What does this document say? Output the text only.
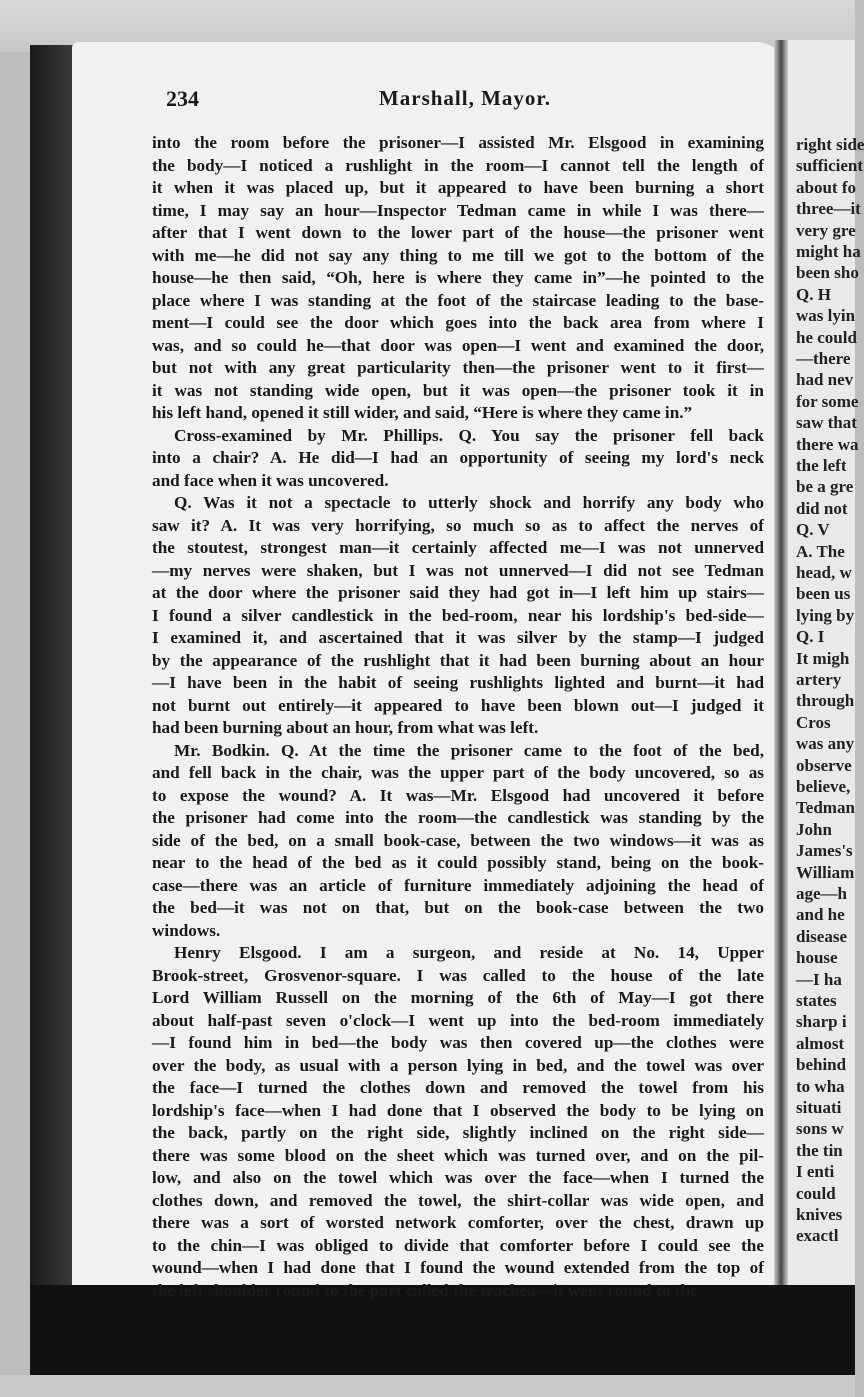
right side
sufficient
about fo
three—it
very gre
might ha
been sho
Q. H
was lyin
he could
—there
had nev
for some
saw that
there wa
the left
be a gre
did not
Q. V
A. The
head, w
been us
lying by
Q. I
It migh
artery
through
Cros
was any
observe
believe,
Tedman
John
James's
William
age—h
and he
disease
house
—I ha
states
sharp i
almost
behind
to wha
situati
sons w
the tin
I enti
could
knives
exactl
234	Marshall, Mayor.
into the room before the prisoner—I assisted Mr. Elsgood in examining
the body—I noticed a rushlight in the room—I cannot tell the length of
it when it was placed up, but it appeared to have been burning a short
time, I may say an hour—Inspector Tedman came in while I was there—
after that I went down to the lower part of the house—the prisoner went
with me—he did not say any thing to me till we got to the bottom of the
house—he then said, “Oh, here is where they came in”—he pointed to the
place where I was standing at the foot of the staircase leading to the base-
ment—I could see the door which goes into the back area from where I
was, and so could he—that door was open—I went and examined the door,
but not with any great particularity then—the prisoner went to it first—
it was not standing wide open, but it was open—the prisoner took it in
his left hand, opened it still wider, and said, “Here is where they came in.”
Cross-examined by Mr. Phillips. Q. You say the prisoner fell back
into a chair? A. He did—I had an opportunity of seeing my lord's neck
and face when it was uncovered.
Q. Was it not a spectacle to utterly shock and horrify any body who
saw it? A. It was very horrifying, so much so as to affect the nerves of
the stoutest, strongest man—it certainly affected me—I was not unnerved
—my nerves were shaken, but I was not unnerved—I did not see Tedman
at the door where the prisoner said they had got in—I left him up stairs—
I found a silver candlestick in the bed-room, near his lordship's bed-side—
I examined it, and ascertained that it was silver by the stamp—I judged
by the appearance of the rushlight that it had been burning about an hour
—I have been in the habit of seeing rushlights lighted and burnt—it had
not burnt out entirely—it appeared to have been blown out—I judged it
had been burning about an hour, from what was left.
Mr. Bodkin. Q. At the time the prisoner came to the foot of the bed,
and fell back in the chair, was the upper part of the body uncovered, so as
to expose the wound? A. It was—Mr. Elsgood had uncovered it before
the prisoner had come into the room—the candlestick was standing by the
side of the bed, on a small book-case, between the two windows—it was as
near to the head of the bed as it could possibly stand, being on the book-
case—there was an article of furniture immediately adjoining the head of
the bed—it was not on that, but on the book-case between the two
windows.
Henry Elsgood. I am a surgeon, and reside at No. 14, Upper
Brook-street, Grosvenor-square. I was called to the house of the late
Lord William Russell on the morning of the 6th of May—I got there
about half-past seven o'clock—I went up into the bed-room immediately
—I found him in bed—the body was then covered up—the clothes were
over the body, as usual with a person lying in bed, and the towel was over
the face—I turned the clothes down and removed the towel from his
lordship's face—when I had done that I observed the body to be lying on
the back, partly on the right side, slightly inclined on the right side—
there was some blood on the sheet which was turned over, and on the pil-
low, and also on the towel which was over the face—when I turned the
clothes down, and removed the towel, the shirt-collar was wide open, and
there was a sort of worsted network comforter, over the chest, drawn up
to the chin—I was obliged to divide that comforter before I could see the
wound—when I had done that I found the wound extended from the top of
the left shoulder round to the part called the trachea—it went round to the
